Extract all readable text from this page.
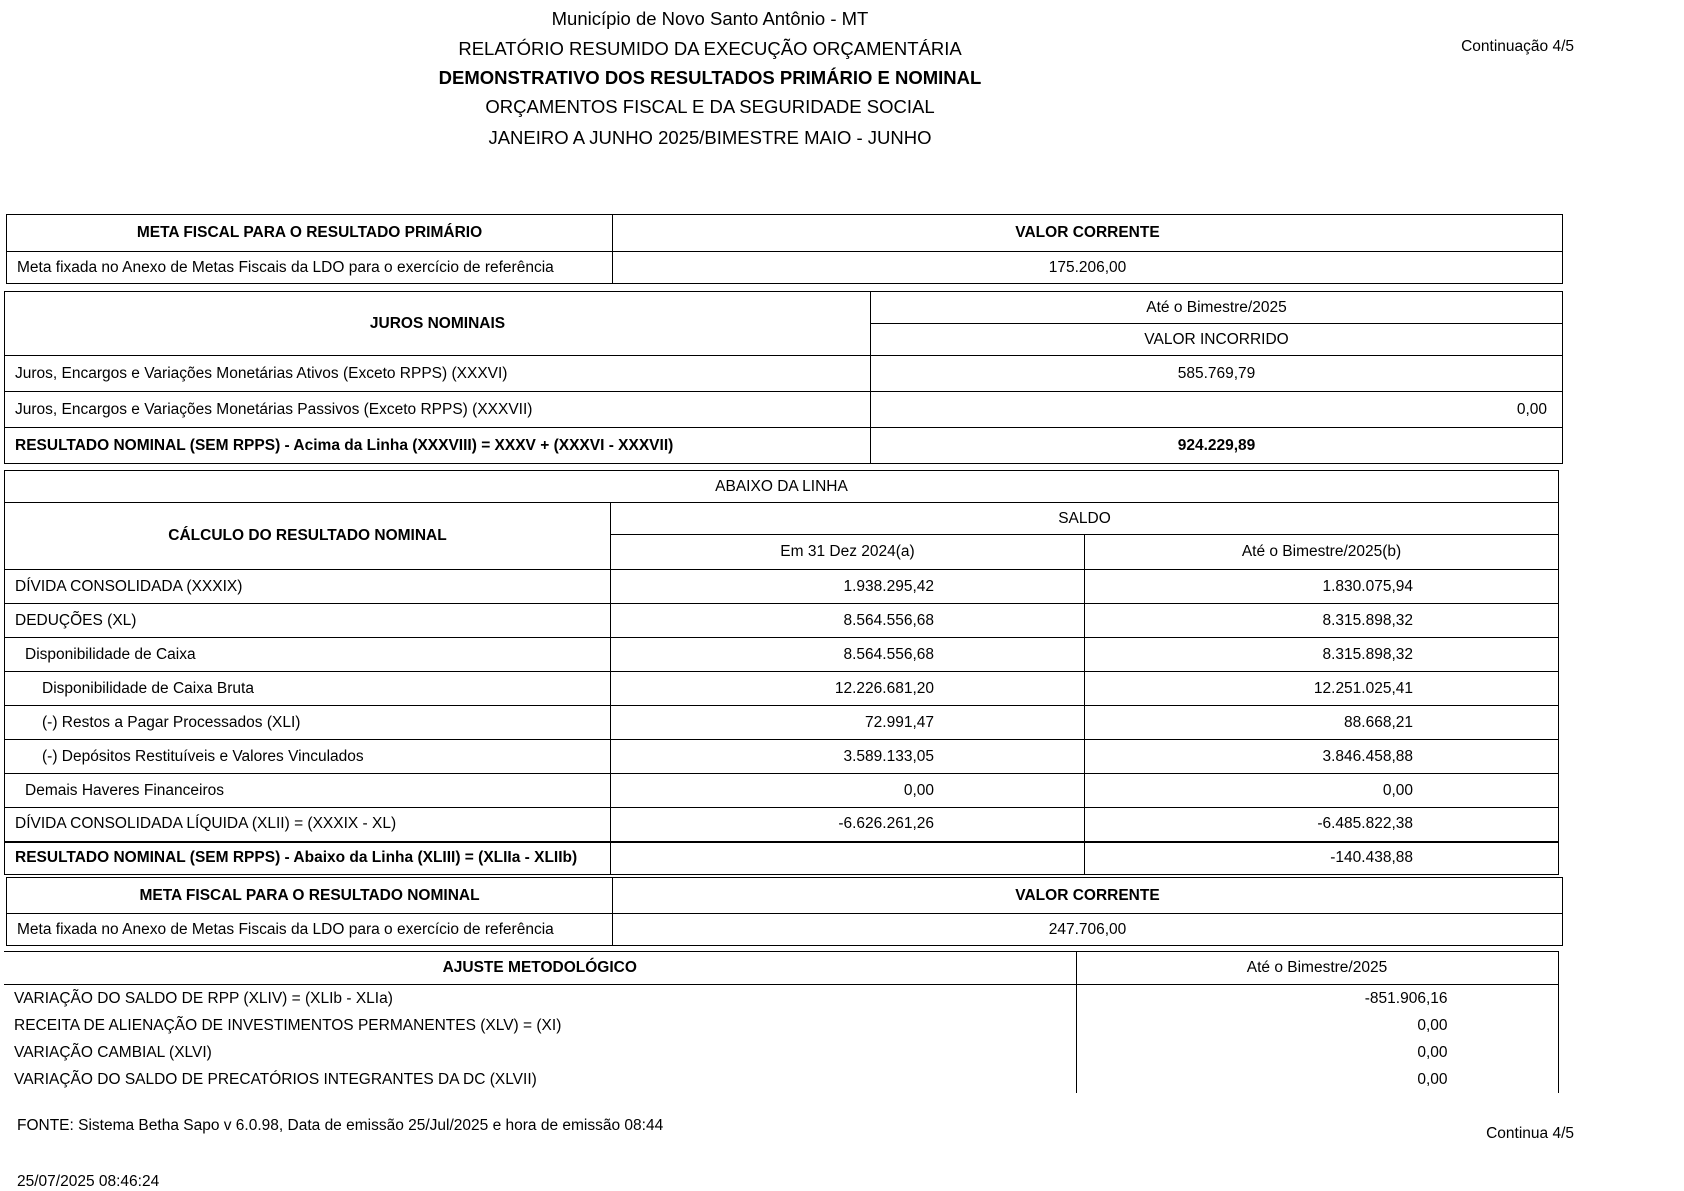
Município de Novo Santo Antônio - MT
RELATÓRIO RESUMIDO DA EXECUÇÃO ORÇAMENTÁRIA
DEMONSTRATIVO DOS RESULTADOS PRIMÁRIO E NOMINAL
ORÇAMENTOS FISCAL E DA SEGURIDADE SOCIAL
JANEIRO A JUNHO 2025/BIMESTRE MAIO - JUNHO
Continuação 4/5
META FISCAL PARA O RESULTADO PRIMÁRIO	VALOR CORRENTE
Meta fixada no Anexo de Metas Fiscais da LDO para o exercício de referência	175.206,00
JUROS NOMINAIS	Até o Bimestre/2025
	VALOR INCORRIDO
Juros, Encargos e Variações Monetárias Ativos (Exceto RPPS) (XXXVI)	585.769,79
Juros, Encargos e Variações Monetárias Passivos (Exceto RPPS) (XXXVII)	0,00
RESULTADO NOMINAL (SEM RPPS) - Acima da Linha (XXXVIII) = XXXV + (XXXVI - XXXVII)	924.229,89
ABAIXO DA LINHA		
CÁLCULO DO RESULTADO NOMINAL	SALDO	
	Em 31 Dez 2024(a)	Até o Bimestre/2025(b)
DÍVIDA CONSOLIDADA (XXXIX)	1.938.295,42	1.830.075,94
DEDUÇÕES (XL)	8.564.556,68	8.315.898,32
Disponibilidade de Caixa	8.564.556,68	8.315.898,32
Disponibilidade de Caixa Bruta	12.226.681,20	12.251.025,41
(-) Restos a Pagar Processados (XLI)	72.991,47	88.668,21
(-) Depósitos Restituíveis e Valores Vinculados	3.589.133,05	3.846.458,88
Demais Haveres Financeiros	0,00	0,00
DÍVIDA CONSOLIDADA LÍQUIDA (XLII) = (XXXIX - XL)	-6.626.261,26	-6.485.822,38
RESULTADO NOMINAL (SEM RPPS) - Abaixo da Linha (XLIII) = (XLIIa - XLIIb)		-140.438,88
META FISCAL PARA O RESULTADO NOMINAL	VALOR CORRENTE
Meta fixada no Anexo de Metas Fiscais da LDO para o exercício de referência	247.706,00
AJUSTE METODOLÓGICO	Até o Bimestre/2025
VARIAÇÃO DO SALDO DE RPP (XLIV) = (XLIb - XLIa)	-851.906,16
RECEITA DE ALIENAÇÃO DE INVESTIMENTOS PERMANENTES (XLV) = (XI)	0,00
VARIAÇÃO CAMBIAL (XLVI)	0,00
VARIAÇÃO DO SALDO DE PRECATÓRIOS INTEGRANTES DA DC (XLVII)	0,00
FONTE: Sistema Betha Sapo v 6.0.98, Data de emissão 25/Jul/2025 e hora de emissão 08:44	Continua 4/5
25/07/2025 08:46:24
